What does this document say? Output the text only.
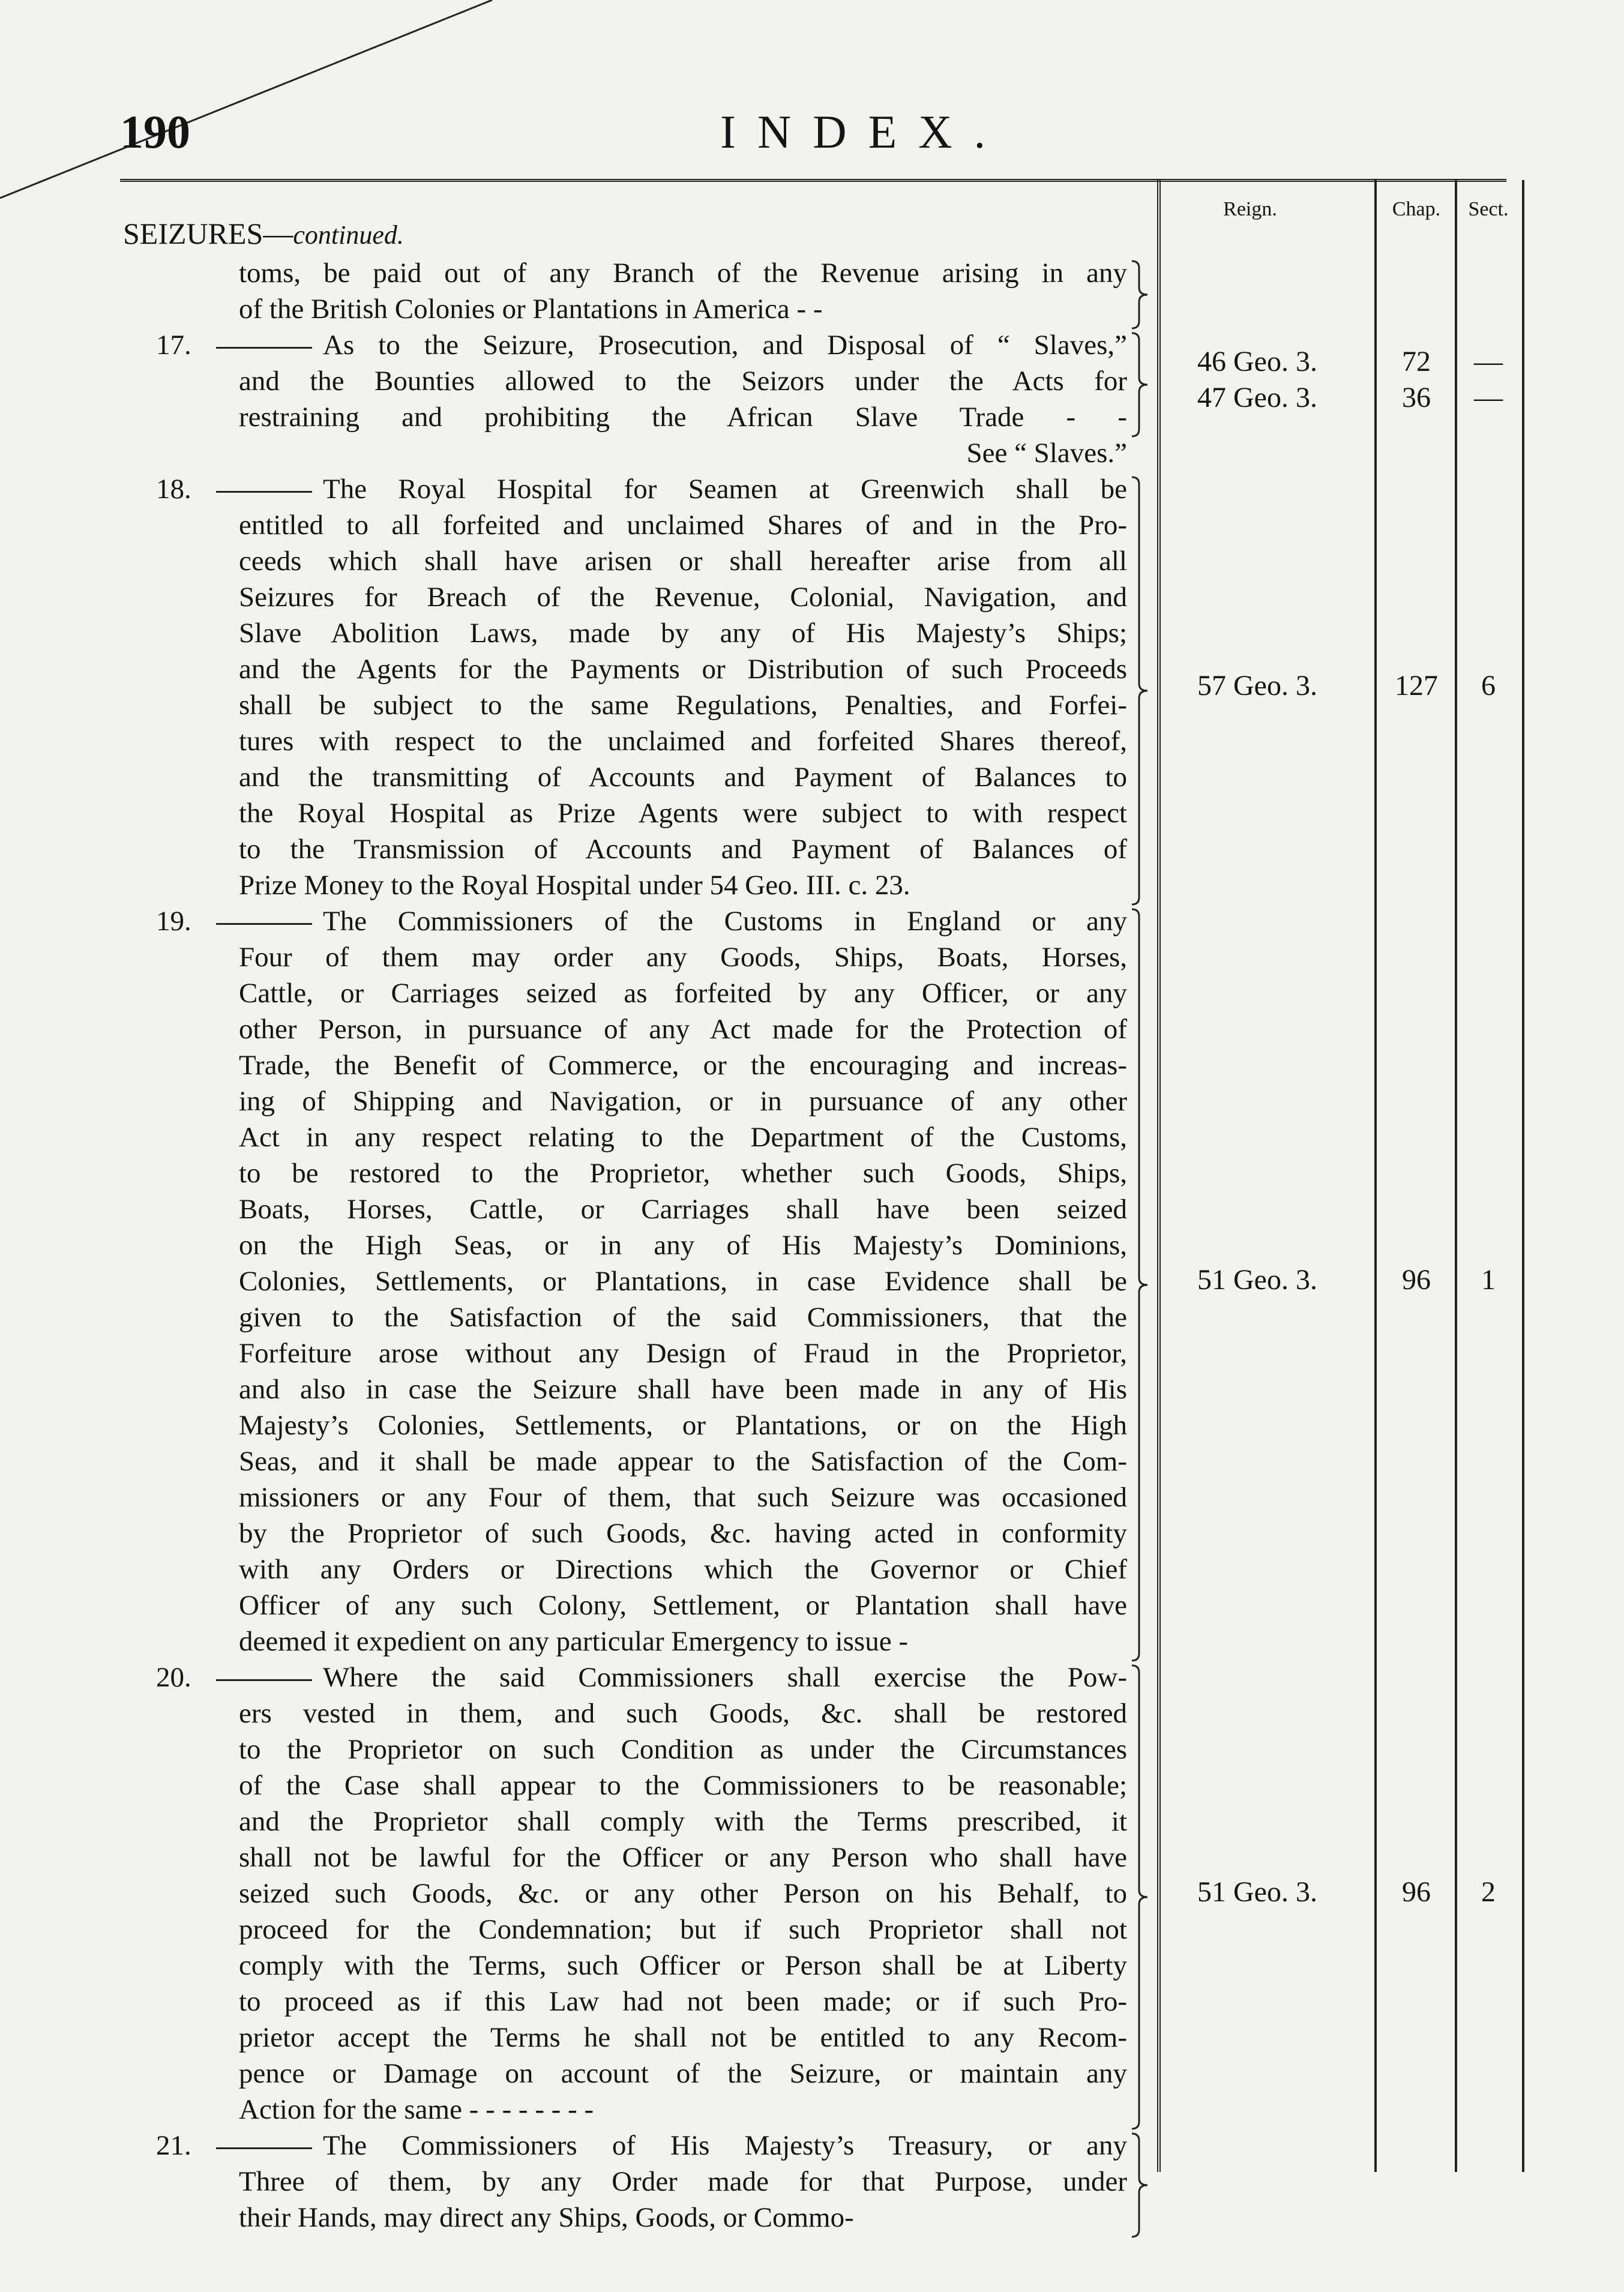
190	INDEX.
Reign.	Chap.	Sect.
SEIZURES—continued.
toms, be paid out of any Branch of the Revenue arising in any
of the British Colonies or Plantations in America - -
17.	As to the Seizure, Prosecution, and Disposal of “ Slaves,”
and the Bounties allowed to the Seizors under the Acts for
restraining and prohibiting the African Slave Trade - -
See “ Slaves.”
46 Geo. 3.	72	—
47 Geo. 3.	36	—
18.	The Royal Hospital for Seamen at Greenwich shall be
entitled to all forfeited and unclaimed Shares of and in the Pro-
ceeds which shall have arisen or shall hereafter arise from all
Seizures for Breach of the Revenue, Colonial, Navigation, and
Slave Abolition Laws, made by any of His Majesty’s Ships;
and the Agents for the Payments or Distribution of such Proceeds
shall be subject to the same Regulations, Penalties, and Forfei-
tures with respect to the unclaimed and forfeited Shares thereof,
and the transmitting of Accounts and Payment of Balances to
the Royal Hospital as Prize Agents were subject to with respect
to the Transmission of Accounts and Payment of Balances of
Prize Money to the Royal Hospital under 54 Geo. III. c. 23.
57 Geo. 3.	127	6
19.	The Commissioners of the Customs in England or any
Four of them may order any Goods, Ships, Boats, Horses,
Cattle, or Carriages seized as forfeited by any Officer, or any
other Person, in pursuance of any Act made for the Protection of
Trade, the Benefit of Commerce, or the encouraging and increas-
ing of Shipping and Navigation, or in pursuance of any other
Act in any respect relating to the Department of the Customs,
to be restored to the Proprietor, whether such Goods, Ships,
Boats, Horses, Cattle, or Carriages shall have been seized
on the High Seas, or in any of His Majesty’s Dominions,
Colonies, Settlements, or Plantations, in case Evidence shall be
given to the Satisfaction of the said Commissioners, that the
Forfeiture arose without any Design of Fraud in the Proprietor,
and also in case the Seizure shall have been made in any of His
Majesty’s Colonies, Settlements, or Plantations, or on the High
Seas, and it shall be made appear to the Satisfaction of the Com-
missioners or any Four of them, that such Seizure was occasioned
by the Proprietor of such Goods, &c. having acted in conformity
with any Orders or Directions which the Governor or Chief
Officer of any such Colony, Settlement, or Plantation shall have
deemed it expedient on any particular Emergency to issue -
51 Geo. 3.	96	1
20.	Where the said Commissioners shall exercise the Pow-
ers vested in them, and such Goods, &c. shall be restored
to the Proprietor on such Condition as under the Circumstances
of the Case shall appear to the Commissioners to be reasonable;
and the Proprietor shall comply with the Terms prescribed, it
shall not be lawful for the Officer or any Person who shall have
seized such Goods, &c. or any other Person on his Behalf, to
proceed for the Condemnation; but if such Proprietor shall not
comply with the Terms, such Officer or Person shall be at Liberty
to proceed as if this Law had not been made; or if such Pro-
prietor accept the Terms he shall not be entitled to any Recom-
pence or Damage on account of the Seizure, or maintain any
Action for the same - - - - - - - -
51 Geo. 3.	96	2
21.	The Commissioners of His Majesty’s Treasury, or any
Three of them, by any Order made for that Purpose, under
their Hands, may direct any Ships, Goods, or Commo-
